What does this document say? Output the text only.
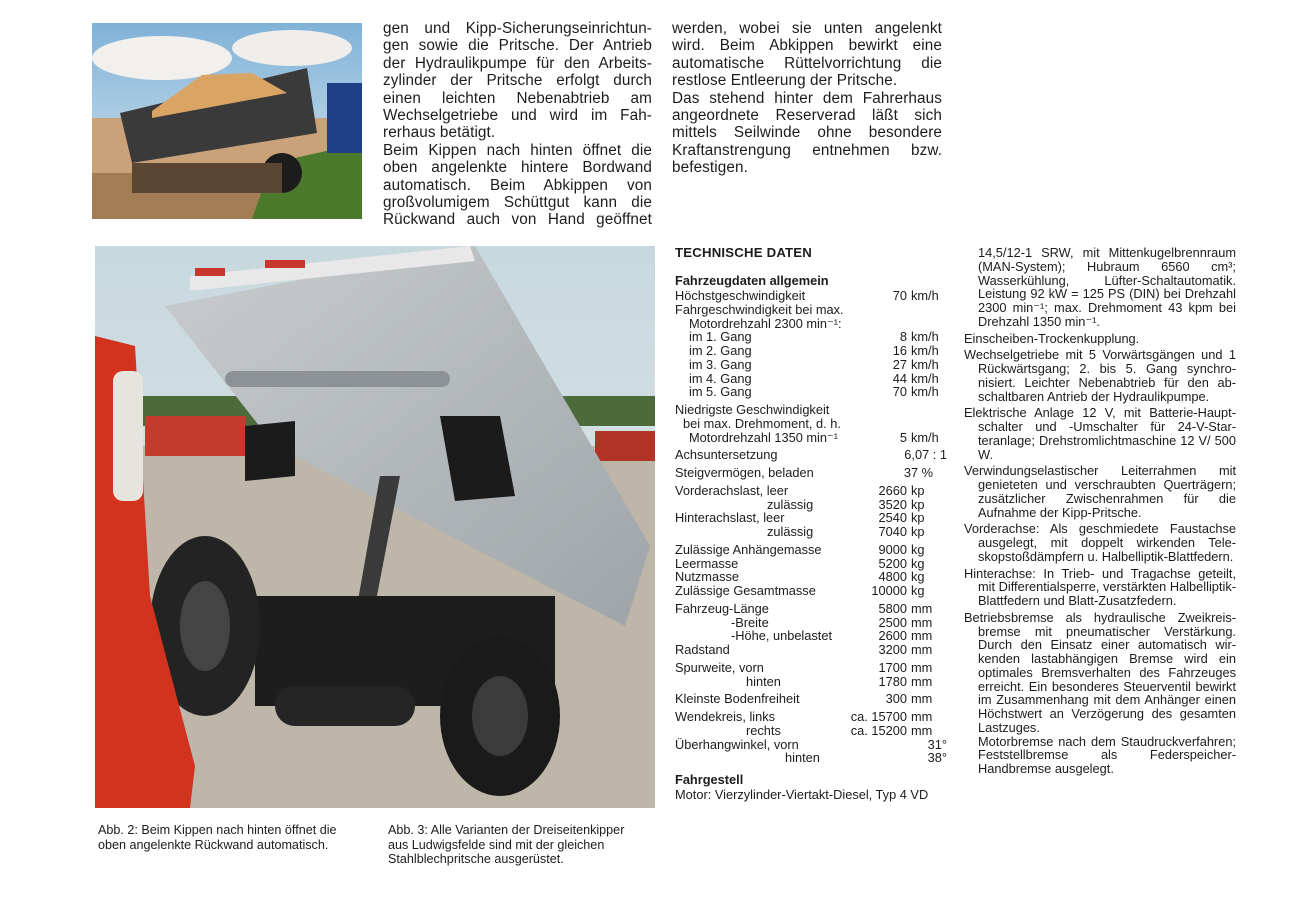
gen und Kipp-Sicherungseinrichtun-

gen sowie die Pritsche. Der Antrieb

der Hydraulikpumpe für den Arbeits-

zylinder der Pritsche erfolgt durch

einen leichten Nebenabtrieb am

Wechselgetriebe und wird im Fah-

rerhaus betätigt.

Beim Kippen nach hinten öffnet die

oben angelenkte hintere Bordwand

automatisch. Beim Abkippen von

großvolumigem Schüttgut kann die

Rückwand auch von Hand geöffnet

werden, wobei sie unten angelenkt

wird. Beim Abkippen bewirkt eine

automatische Rüttelvorrichtung die

restlose Entleerung der Pritsche.

Das stehend hinter dem Fahrerhaus

angeordnete Reserverad läßt sich

mittels Seilwinde ohne besondere

Kraftanstrengung entnehmen bzw.

befestigen.

Abb. 2: Beim Kippen nach hinten öffnet die
oben angelenkte Rückwand automatisch.
Abb. 3: Alle Varianten der Dreiseitenkipper
aus Ludwigsfelde sind mit der gleichen
Stahlblechpritsche ausgerüstet.
TECHNISCHE DATEN
Fahrzeugdaten allgemein
Höchstgeschwindigkeit	70 km/h
Fahrgeschwindigkeit bei max.
Motordrehzahl 2300 min⁻¹:
im 1. Gang	8 km/h
im 2. Gang	16 km/h
im 3. Gang	27 km/h
im 4. Gang	44 km/h
im 5. Gang	70 km/h
Niedrigste Geschwindigkeit
bei max. Drehmoment, d. h.
Motordrehzahl 1350 min⁻¹	5 km/h
Achsuntersetzung	6,07 : 1
Steigvermögen, beladen	37 %
Vorderachslast, leer	2660 kp
zulässig	3520 kp
Hinterachslast, leer	2540 kp
zulässig	7040 kp
Zulässige Anhängemasse	9000 kg
Leermasse	5200 kg
Nutzmasse	4800 kg
Zulässige Gesamtmasse	10000 kg
Fahrzeug-Länge	5800 mm
-Breite	2500 mm
-Höhe, unbelastet	2600 mm
Radstand	3200 mm
Spurweite, vorn	1700 mm
hinten	1780 mm
Kleinste Bodenfreiheit	300 mm
Wendekreis, links	ca. 15700 mm
rechts	ca. 15200 mm
Überhangwinkel, vorn	31°
hinten	38°
Fahrgestell
Motor: Vierzylinder-Viertakt-Diesel, Typ 4 VD

14,5/12-1 SRW, mit Mittenkugelbrennraum (MAN-System); Hubraum 6560 cm³; Wasserkühlung, Lüfter-Schaltautomatik. Leistung 92 kW = 125 PS (DIN) bei Drehzahl 2300 min⁻¹; max. Drehmoment 43 kpm bei Drehzahl 1350 min⁻¹.

Einscheiben-Trockenkupplung.

Wechselgetriebe mit 5 Vorwärtsgängen und 1 Rückwärtsgang; 2. bis 5. Gang synchronisiert. Leichter Nebenabtrieb für den abschaltbaren Antrieb der Hydraulikpumpe.

Elektrische Anlage 12 V, mit Batterie-Hauptschalter und -Umschalter für 24-V-Starteranlage; Drehstromlichtmaschine 12 V/ 500 W.

Verwindungselastischer Leiterrahmen mit genieteten und verschraubten Querträgern; zusätzlicher Zwischenrahmen für die Aufnahme der Kipp-Pritsche.

Vorderachse: Als geschmiedete Faustachse ausgelegt, mit doppelt wirkenden Teleskopstoßdämpfern u. Halbelliptik-Blattfedern.

Hinterachse: In Trieb- und Tragachse geteilt, mit Differentialsperre, verstärkten Halbelliptik-Blattfedern und Blatt-Zusatzfedern.

Betriebsbremse als hydraulische Zweikreisbremse mit pneumatischer Verstärkung. Durch den Einsatz einer automatisch wirkenden lastabhängigen Bremse wird ein optimales Bremsverhalten des Fahrzeuges erreicht. Ein besonderes Steuerventil bewirkt im Zusammenhang mit dem Anhänger einen Höchstwert an Verzögerung des gesamten Lastzuges.

Motorbremse nach dem Staudruckverfahren; Feststellbremse als Federspeicher-Handbremse ausgelegt.
